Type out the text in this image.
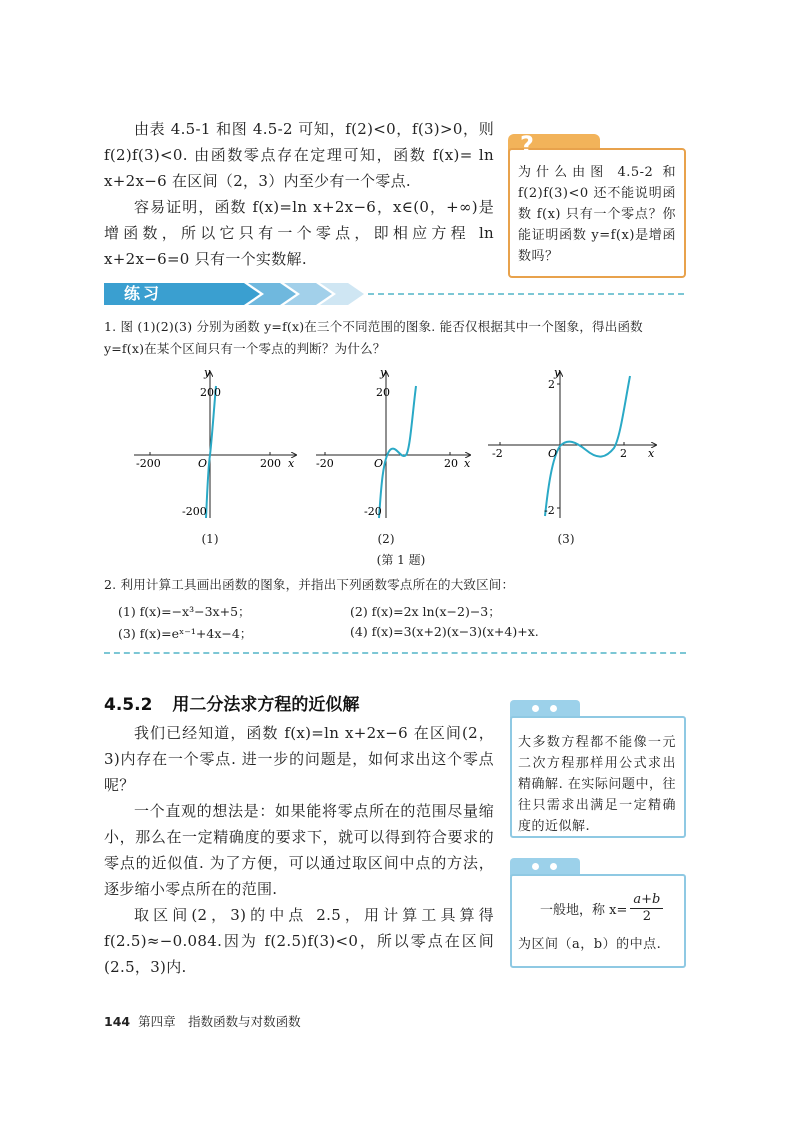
由表 4.5-1 和图 4.5-2 可知，f(2)<0，f(3)>0，则 f(2)f(3)<0. 由函数零点存在定理可知，函数 f(x)= ln x+2x−6 在区间（2，3）内至少有一个零点.

容易证明，函数 f(x)=ln x+2x−6，x∈(0，+∞)是增函数，所以它只有一个零点，即相应方程 ln x+2x−6=0 只有一个实数解.

?
为什么由图 4.5-2 和 f(2)f(3)<0 还不能说明函数 f(x) 只有一个零点？你能证明函数 y=f(x)是增函数吗？
练习
1. 图 (1)(2)(3) 分别为函数 y=f(x)在三个不同范围的图象. 能否仅根据其中一个图象，得出函数 y=f(x)在某个区间只有一个零点的判断？为什么？
200
-200
-200	200
O	x
y
20
-20
-20	20
O	x
y
2
-2
-2	2
O	x
y
(1)	(2)	(3)
(第 1 题)
2. 利用计算工具画出函数的图象，并指出下列函数零点所在的大致区间：
(1) f(x)=−x³−3x+5；	(2) f(x)=2x ln(x−2)−3；
(3) f(x)=eˣ⁻¹+4x−4；	(4) f(x)=3(x+2)(x−3)(x+4)+x.
4.5.2 用二分法求方程的近似解

我们已经知道，函数 f(x)=ln x+2x−6 在区间(2，3)内存在一个零点. 进一步的问题是，如何求出这个零点呢？

一个直观的想法是：如果能将零点所在的范围尽量缩小，那么在一定精确度的要求下，就可以得到符合要求的零点的近似值. 为了方便，可以通过取区间中点的方法，逐步缩小零点所在的范围.

取区间(2，3)的中点 2.5，用计算工具算得 f(2.5)≈−0.084.因为 f(2.5)f(3)<0，所以零点在区间(2.5，3)内.

大多数方程都不能像一元二次方程那样用公式求出精确解. 在实际问题中，往往只需求出满足一定精确度的近似解.
一般地，称 $x= \frac{a+b}{2}$
为区间（a，b）的中点.
144 第四章　指数函数与对数函数
